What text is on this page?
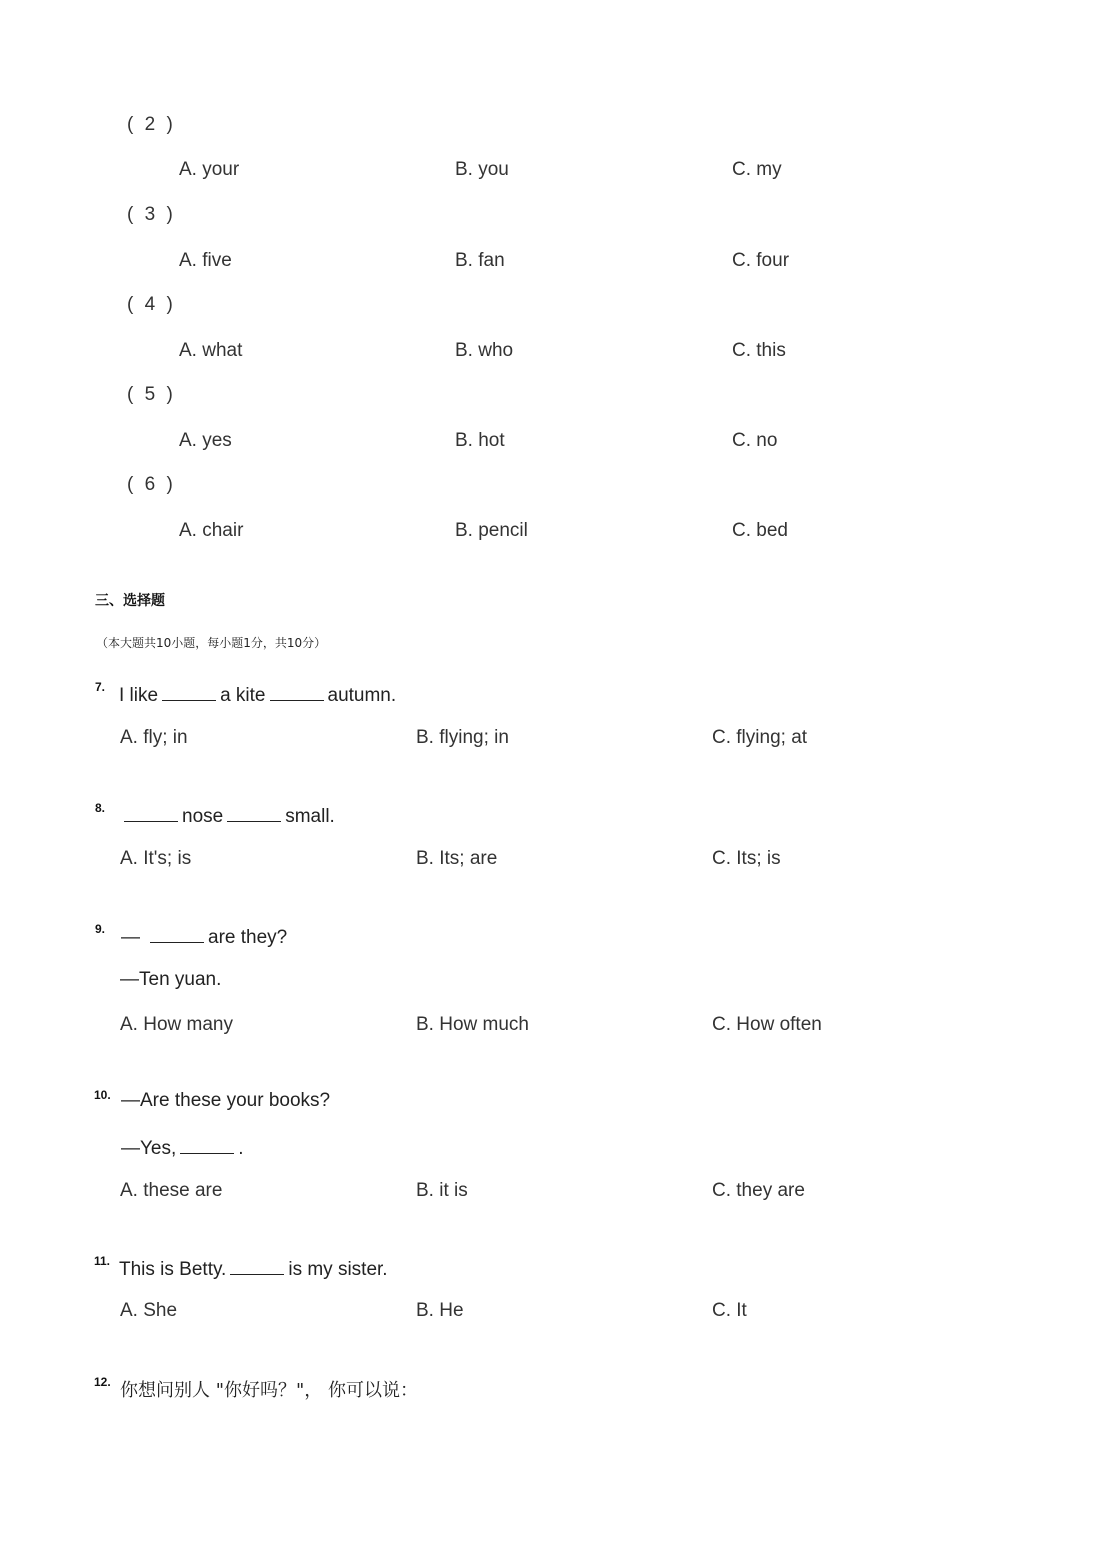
( 2 )
A. your	B. you	C. my
( 3 )
A. five	B. fan	C. four
( 4 )
A. what	B. who	C. this
( 5 )
A. yes	B. hot	C. no
( 6 )
A. chair	B. pencil	C. bed
三、选择题
（本大题共10小题，每小题1分，共10分）
7. I like	a kite	autumn.
A. fly; in	B. flying; in	C. flying; at
8.	nose	small.
A. It's; is	B. Its; are	C. Its; is
9. —	are they?
—Ten yuan.
A. How many	B. How much	C. How often
10. —Are these your books?
—Yes,	.
A. these are	B. it is	C. they are
11. This is Betty.	is my sister.
A. She	B. He	C. It
12. 你想问别人 "你好吗？"， 你可以说：
